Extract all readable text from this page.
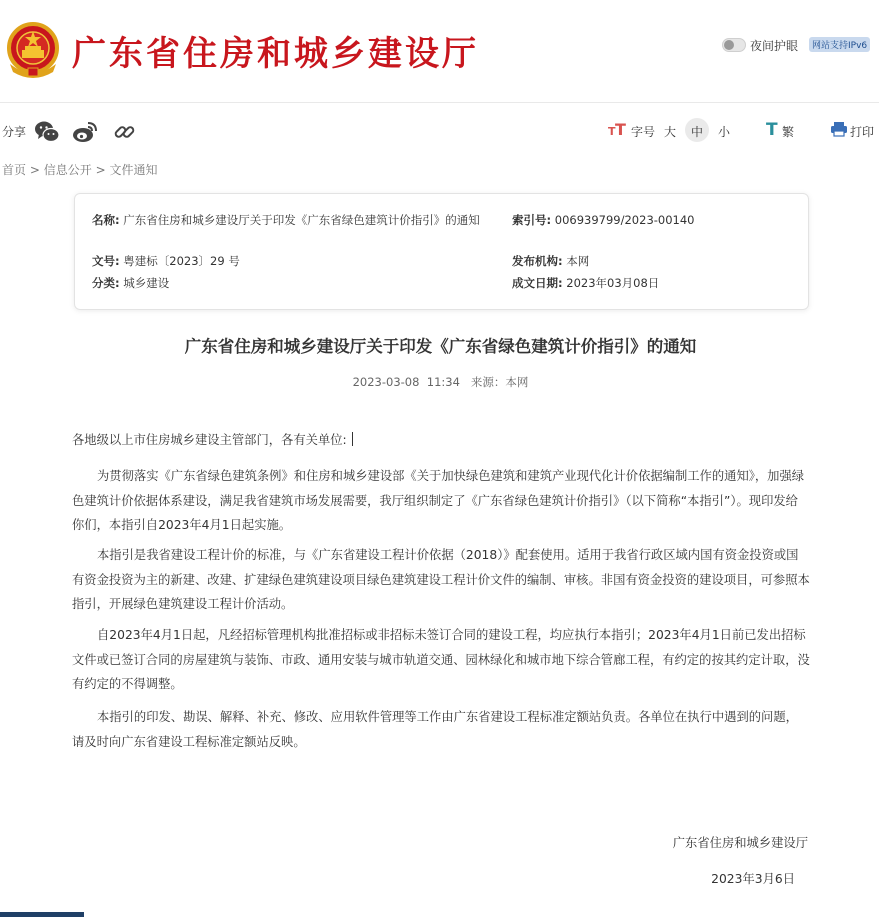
广东省住房和城乡建设厅	夜间护眼	网站支持IPv6
分享	T T 字号 大 中 小 T 繁	打印
首页 > 信息公开 > 文件通知
名称: 广东省住房和城乡建设厅关于印发《广东省绿色建筑计价指引》的通知	索引号: 006939799/2023-00140
文号: 粤建标〔2023〕29 号	发布机构: 本网
分类: 城乡建设	成文日期: 2023年03月08日
广东省住房和城乡建设厅关于印发《广东省绿色建筑计价指引》的通知
2023-03-08 11:34 来源：本网
各地级以上市住房城乡建设主管部门，各有关单位:
为贯彻落实《广东省绿色建筑条例》和住房和城乡建设部《关于加快绿色建筑和建筑产业现代化计价依据编制工作的通知》，加强绿色建筑计价依据体系建设，满足我省建筑市场发展需要，我厅组织制定了《广东省绿色建筑计价指引》（以下简称“本指引”）。现印发给你们，本指引自2023年4月1日起实施。
本指引是我省建设工程计价的标准，与《广东省建设工程计价依据（2018）》配套使用。适用于我省行政区域内国有资金投资或国有资金投资为主的新建、改建、扩建绿色建筑建设项目绿色建筑建设工程计价文件的编制、审核。非国有资金投资的建设项目，可参照本指引，开展绿色建筑建设工程计价活动。
自2023年4月1日起，凡经招标管理机构批准招标或非招标未签订合同的建设工程，均应执行本指引；2023年4月1日前已发出招标文件或已签订合同的房屋建筑与装饰、市政、通用安装与城市轨道交通、园林绿化和城市地下综合管廊工程，有约定的按其约定计取，没有约定的不得调整。
本指引的印发、勘误、解释、补充、修改、应用软件管理等工作由广东省建设工程标准定额站负责。各单位在执行中遇到的问题，请及时向广东省建设工程标准定额站反映。
广东省住房和城乡建设厅
2023年3月6日
